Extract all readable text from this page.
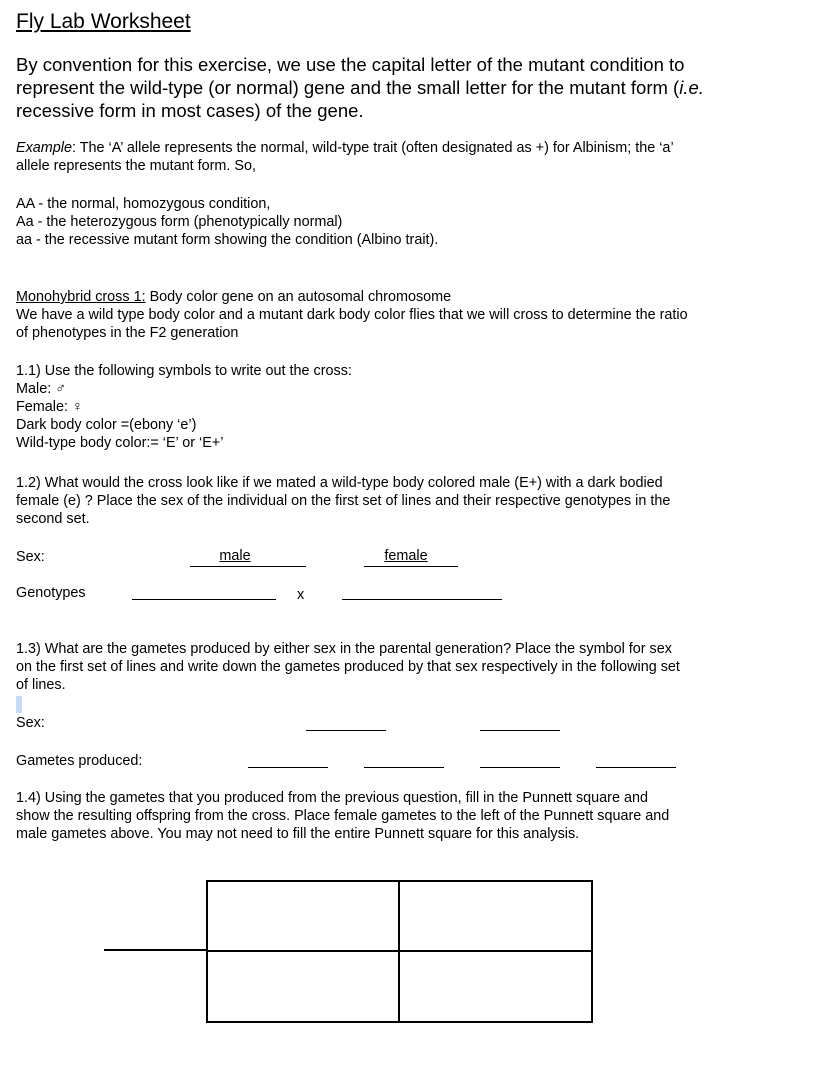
Fly Lab Worksheet
By convention for this exercise, we use the capital letter of the mutant condition to
represent the wild-type (or normal) gene and the small letter for the mutant form (i.e.
recessive form in most cases) of the gene.
Example: The ‘A’ allele represents the normal, wild-type trait (often designated as +) for Albinism; the ‘a’
allele represents the mutant form. So,
AA - the normal, homozygous condition,
Aa - the heterozygous form (phenotypically normal)
aa - the recessive mutant form showing the condition (Albino trait).
Monohybrid cross 1: Body color gene on an autosomal chromosome
We have a wild type body color and a mutant dark body color flies that we will cross to determine the ratio
of phenotypes in the F2 generation
1.1) Use the following symbols to write out the cross:
Male: ♂
Female: ♀
Dark body color =(ebony ‘e’)
Wild-type body color:= ‘E’ or ‘E+’
1.2) What would the cross look like if we mated a wild-type body colored male (E+) with a dark bodied
female (e) ? Place the sex of the individual on the first set of lines and their respective genotypes in the
second set.
Sex:	male	female
Genotypes	x
1.3) What are the gametes produced by either sex in the parental generation? Place the symbol for sex
on the first set of lines and write down the gametes produced by that sex respectively in the following set
of lines.
Sex:
Gametes produced:
1.4) Using the gametes that you produced from the previous question, fill in the Punnett square and
show the resulting offspring from the cross. Place female gametes to the left of the Punnett square and
male gametes above. You may not need to fill the entire Punnett square for this analysis.
